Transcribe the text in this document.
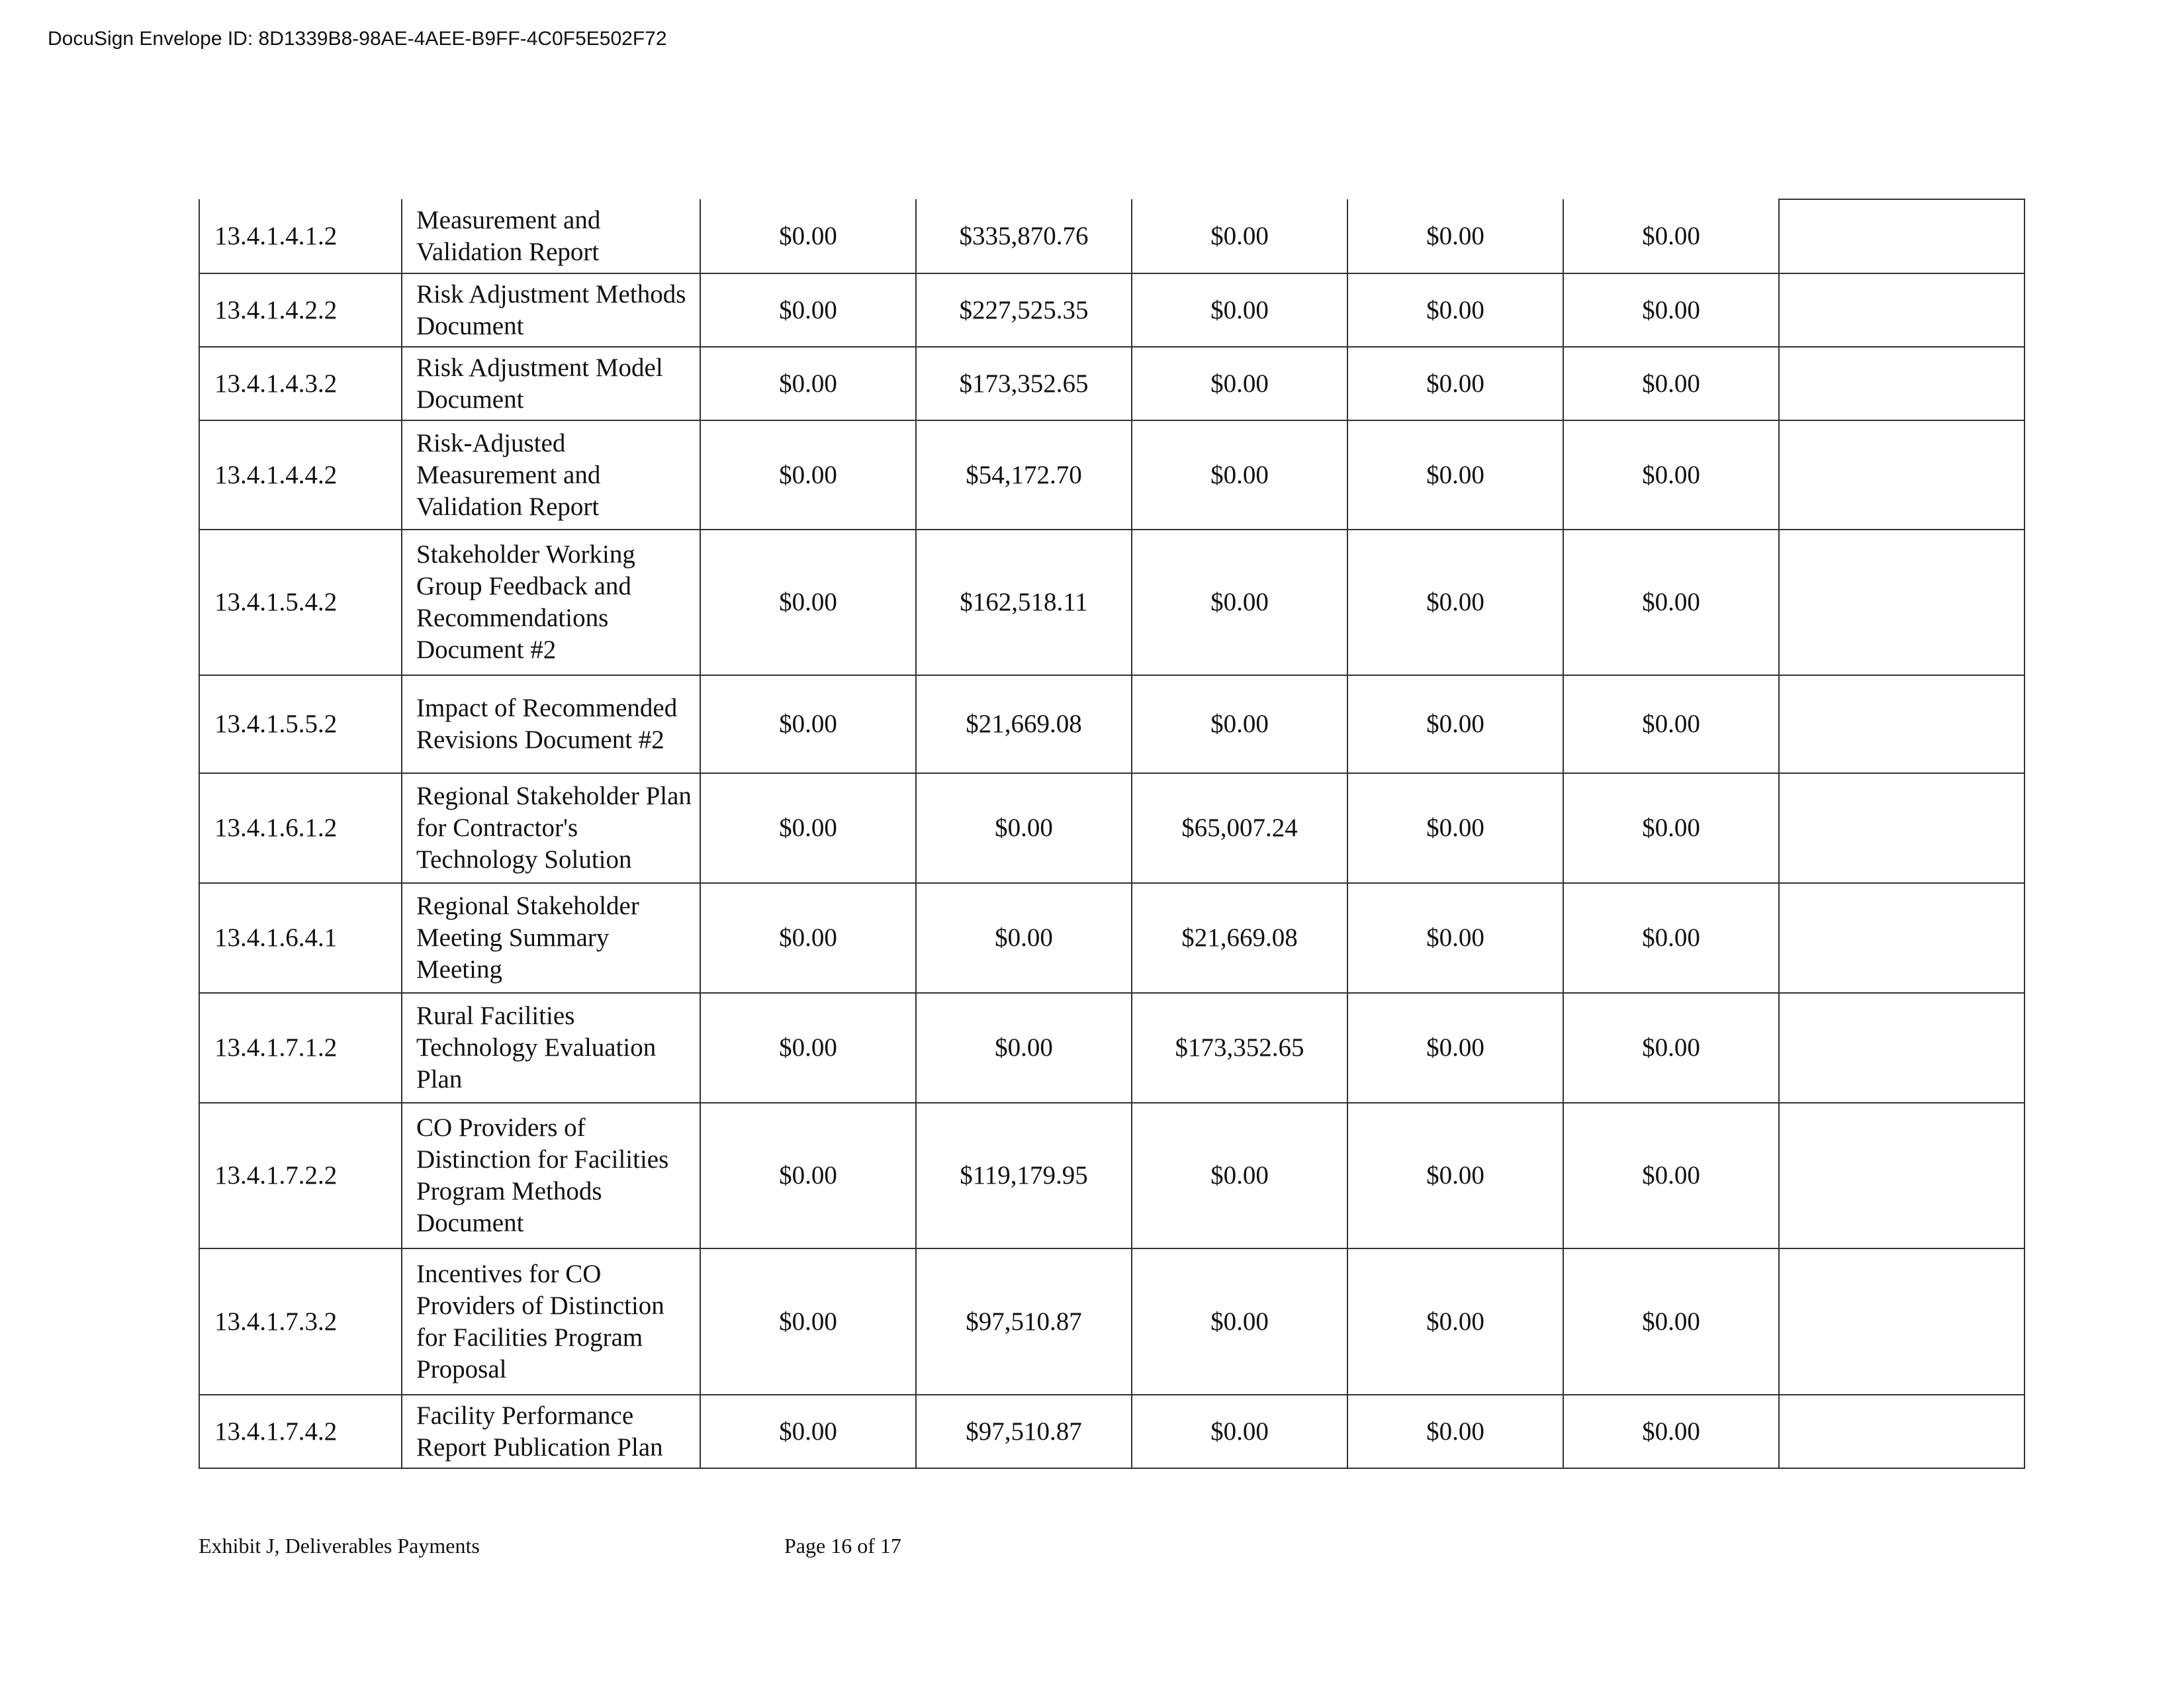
DocuSign Envelope ID: 8D1339B8-98AE-4AEE-B9FF-4C0F5E502F72
13.4.1.4.1.2	Measurement and Validation Report	$0.00	$335,870.76	$0.00	$0.00	$0.00	
13.4.1.4.2.2	Risk Adjustment Methods Document	$0.00	$227,525.35	$0.00	$0.00	$0.00	
13.4.1.4.3.2	Risk Adjustment Model Document	$0.00	$173,352.65	$0.00	$0.00	$0.00	
13.4.1.4.4.2	Risk-Adjusted Measurement and Validation Report	$0.00	$54,172.70	$0.00	$0.00	$0.00	
13.4.1.5.4.2	Stakeholder Working Group Feedback and Recommendations Document #2	$0.00	$162,518.11	$0.00	$0.00	$0.00	
13.4.1.5.5.2	Impact of Recommended Revisions Document #2	$0.00	$21,669.08	$0.00	$0.00	$0.00	
13.4.1.6.1.2	Regional Stakeholder Plan for Contractor's Technology Solution	$0.00	$0.00	$65,007.24	$0.00	$0.00	
13.4.1.6.4.1	Regional Stakeholder Meeting Summary Meeting	$0.00	$0.00	$21,669.08	$0.00	$0.00	
13.4.1.7.1.2	Rural Facilities Technology Evaluation Plan	$0.00	$0.00	$173,352.65	$0.00	$0.00	
13.4.1.7.2.2	CO Providers of Distinction for Facilities Program Methods Document	$0.00	$119,179.95	$0.00	$0.00	$0.00	
13.4.1.7.3.2	Incentives for CO Providers of Distinction for Facilities Program Proposal	$0.00	$97,510.87	$0.00	$0.00	$0.00	
13.4.1.7.4.2	Facility Performance Report Publication Plan	$0.00	$97,510.87	$0.00	$0.00	$0.00	
Exhibit J, Deliverables Payments	Page 16 of 17
